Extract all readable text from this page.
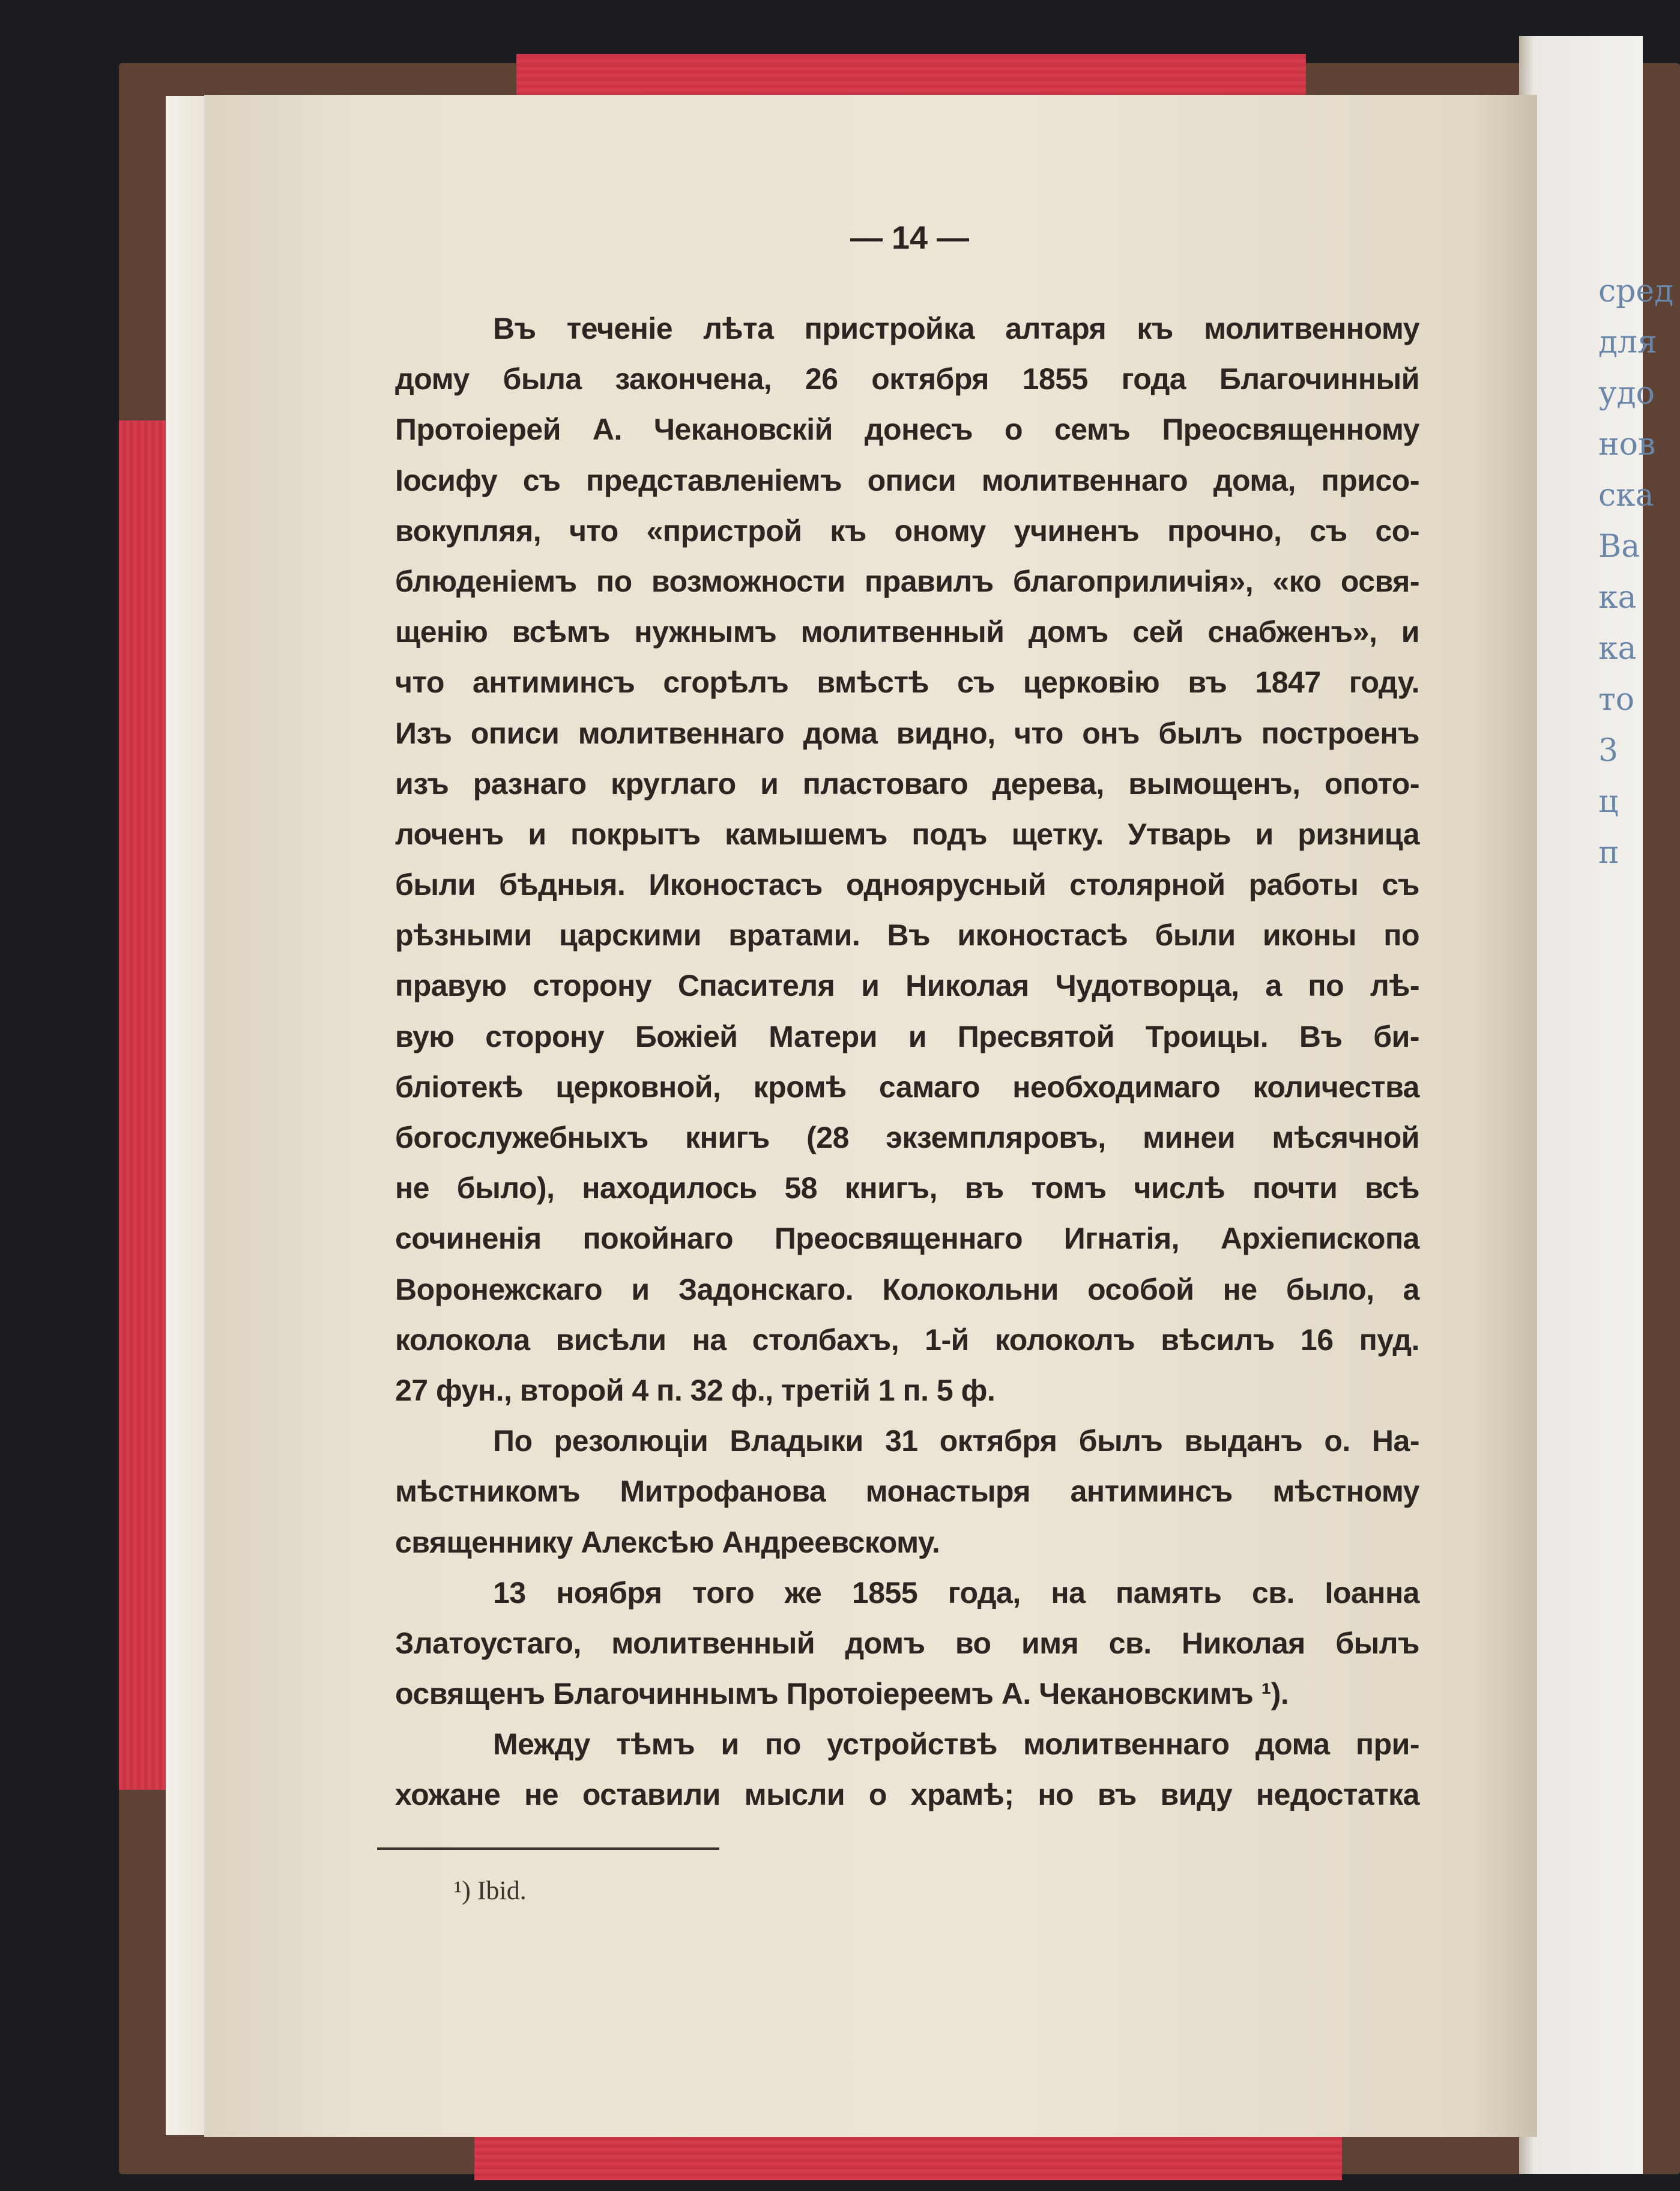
сред
для
удо
нов
ска
Ва
ка
ка
то
3
ц
п
— 14 —
Въ теченіе лѣта пристройка алтаря къ молитвенному
дому была закончена, 26 октября 1855 года Благочинный
Протоіерей А. Чекановскій донесъ о семъ Преосвященному
Іосифу съ представленіемъ описи молитвеннаго дома, присо-
вокупляя, что «пристрой къ оному учиненъ прочно, съ со-
блюденіемъ по возможности правилъ благоприличія», «ко освя-
щенію всѣмъ нужнымъ молитвенный домъ сей снабженъ», и
что антиминсъ сгорѣлъ вмѣстѣ съ церковію въ 1847 году.
Изъ описи молитвеннаго дома видно, что онъ былъ построенъ
изъ разнаго круглаго и пластоваго дерева, вымощенъ, опото-
лоченъ и покрытъ камышемъ подъ щетку. Утварь и ризница
были бѣдныя. Иконостасъ одноярусный столярной работы съ
рѣзными царскими вратами. Въ иконостасѣ были иконы по
правую сторону Спасителя и Николая Чудотворца, а по лѣ-
вую сторону Божіей Матери и Пресвятой Троицы. Въ би-
бліотекѣ церковной, кромѣ самаго необходимаго количества
богослужебныхъ книгъ (28 экземпляровъ, минеи мѣсячной
не было), находилось 58 книгъ, въ томъ числѣ почти всѣ
сочиненія покойнаго Преосвященнаго Игнатія, Архіепископа
Воронежскаго и Задонскаго. Колокольни особой не было, а
колокола висѣли на столбахъ, 1-й колоколъ вѣсилъ 16 пуд.
27 фун., второй 4 п. 32 ф., третій 1 п. 5 ф.
По резолюціи Владыки 31 октября былъ выданъ о. На-
мѣстникомъ Митрофанова монастыря антиминсъ мѣстному
священнику Алексѣю Андреевскому.
13 ноября того же 1855 года, на память св. Іоанна
Златоустаго, молитвенный домъ во имя св. Николая былъ
освященъ Благочиннымъ Протоіереемъ А. Чекановскимъ ¹).
Между тѣмъ и по устройствѣ молитвеннаго дома при-
хожане не оставили мысли о храмѣ; но въ виду недостатка
¹) Ibid.
